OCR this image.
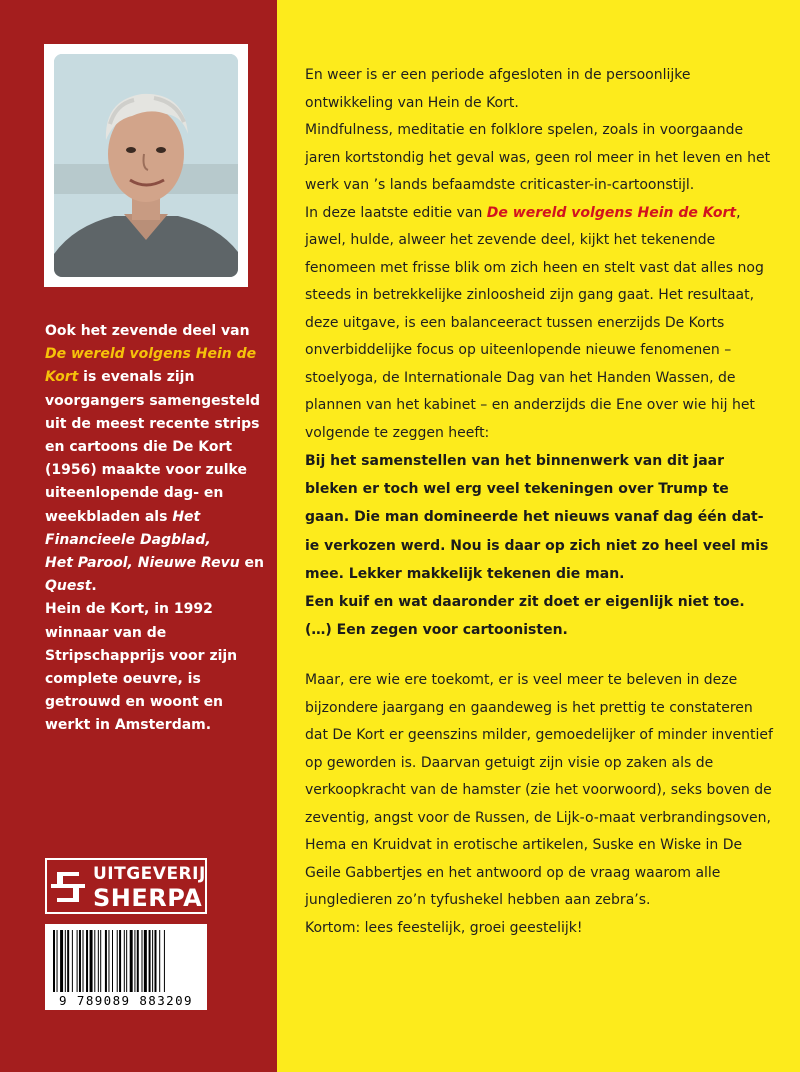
Ook het zevende deel van De wereld volgens Hein de Kort is evenals zijn voorgangers samengesteld uit de meest recente strips en cartoons die De Kort (1956) maakte voor zulke uiteenlopende dag- en weekbladen als Het Financieele Dagblad,
Het Parool, Nieuwe Revu en
Quest.

Hein de Kort, in 1992 winnaar van de Stripschapprijs voor zijn complete oeuvre, is getrouwd en woont en werkt in Amsterdam.

UITGEVERIJ
SHERPA
9 789089 883209

En weer is er een periode afgesloten in de persoonlijke ontwikkeling van Hein de Kort.

Mindfulness, meditatie en folklore spelen, zoals in voorgaande jaren kortstondig het geval was, geen rol meer in het leven en het werk van ’s lands befaamdste criticaster-in-cartoonstijl.

In deze laatste editie van De wereld volgens Hein de Kort, jawel, hulde, alweer het zevende deel, kijkt het tekenende fenomeen met frisse blik om zich heen en stelt vast dat alles nog steeds in betrekkelijke zinloosheid zijn gang gaat. Het resultaat, deze uitgave, is een balanceeract tussen enerzijds De Korts onverbiddelijke focus op uiteenlopende nieuwe fenomenen – stoelyoga, de Internationale Dag van het Handen Wassen, de plannen van het kabinet – en anderzijds die Ene over wie hij het volgende te zeggen heeft:

Bij het samenstellen van het binnenwerk van dit jaar bleken er toch wel erg veel tekeningen over Trump te gaan. Die man domineerde het nieuws vanaf dag één dat-ie verkozen werd. Nou is daar op zich niet zo heel veel mis mee. Lekker makkelijk tekenen die man.

Een kuif en wat daaronder zit doet er eigenlijk niet toe.

(…) Een zegen voor cartoonisten.

Maar, ere wie ere toekomt, er is veel meer te beleven in deze bijzondere jaargang en gaandeweg is het prettig te constateren dat De Kort er geenszins milder, gemoedelijker of minder inventief op geworden is. Daarvan getuigt zijn visie op zaken als de verkoopkracht van de hamster (zie het voorwoord), seks boven de zeventig, angst voor de Russen, de Lijk-o-maat verbrandingsoven, Hema en Kruidvat in erotische artikelen, Suske en Wiske in De Geile Gabbertjes en het antwoord op de vraag waarom alle jungledieren zo’n tyfushekel hebben aan zebra’s.

Kortom: lees feestelijk, groei geestelijk!
